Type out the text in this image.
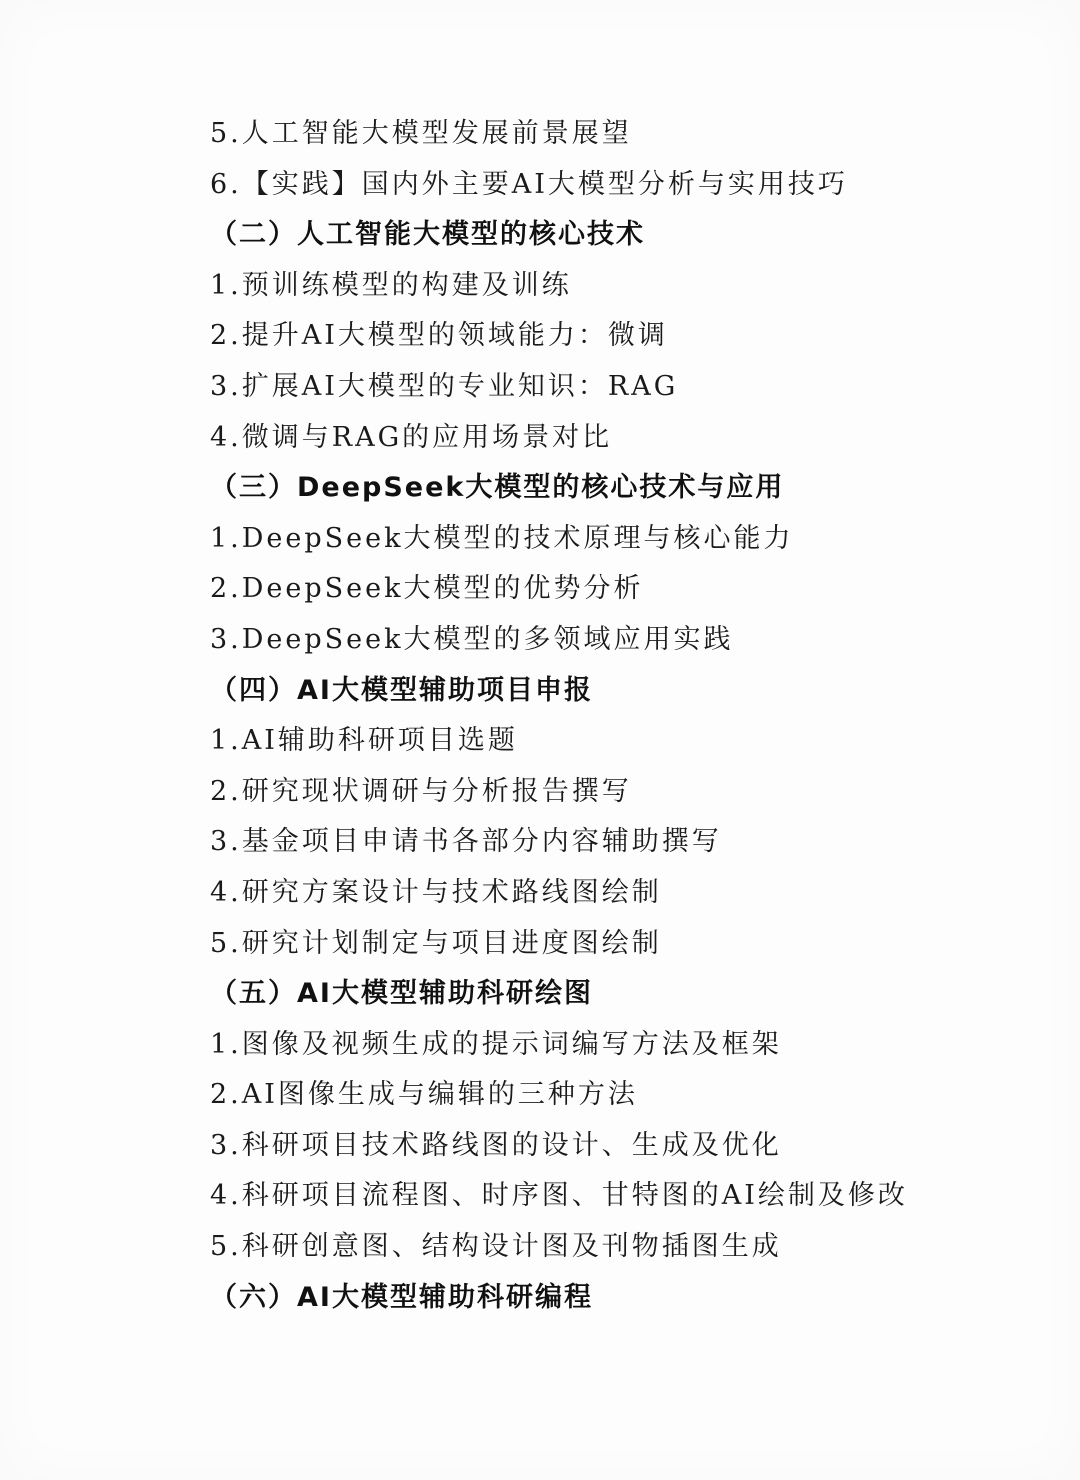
5.人工智能大模型发展前景展望
6.【实践】国内外主要AI大模型分析与实用技巧
（二）人工智能大模型的核心技术
1.预训练模型的构建及训练
2.提升AI大模型的领域能力：微调
3.扩展AI大模型的专业知识：RAG
4.微调与RAG的应用场景对比
（三）DeepSeek大模型的核心技术与应用
1.DeepSeek大模型的技术原理与核心能力
2.DeepSeek大模型的优势分析
3.DeepSeek大模型的多领域应用实践
（四）AI大模型辅助项目申报
1.AI辅助科研项目选题
2.研究现状调研与分析报告撰写
3.基金项目申请书各部分内容辅助撰写
4.研究方案设计与技术路线图绘制
5.研究计划制定与项目进度图绘制
（五）AI大模型辅助科研绘图
1.图像及视频生成的提示词编写方法及框架
2.AI图像生成与编辑的三种方法
3.科研项目技术路线图的设计、生成及优化
4.科研项目流程图、时序图、甘特图的AI绘制及修改
5.科研创意图、结构设计图及刊物插图生成
（六）AI大模型辅助科研编程
